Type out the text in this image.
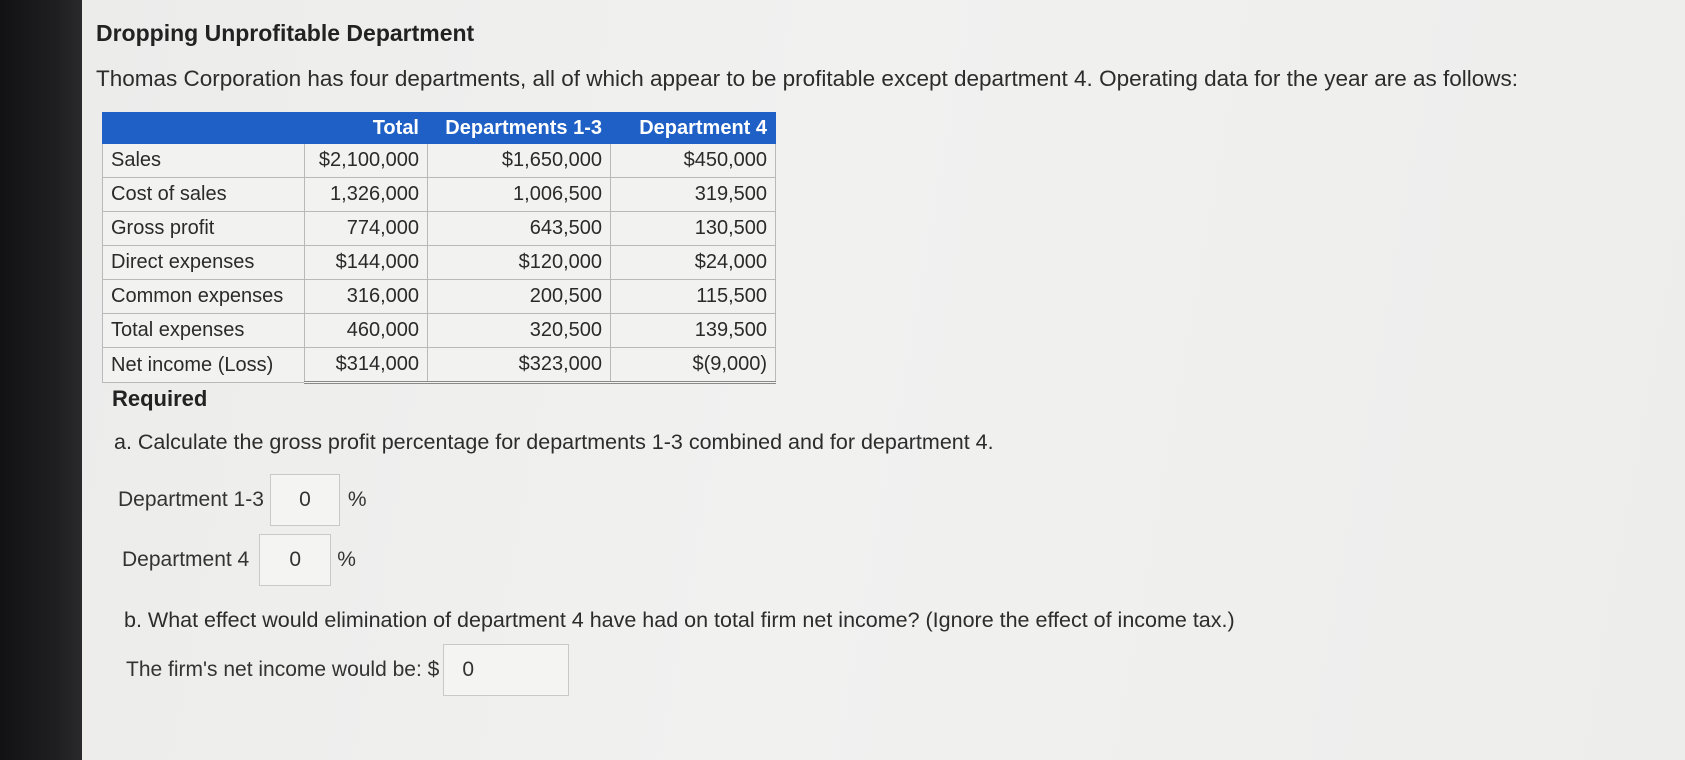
Dropping Unprofitable Department
Thomas Corporation has four departments, all of which appear to be profitable except department 4. Operating data for the year are as follows:
	Total	Departments 1-3	Department 4
Sales	$2,100,000	$1,650,000	$450,000
Cost of sales	1,326,000	1,006,500	319,500
Gross profit	774,000	643,500	130,500
Direct expenses	$144,000	$120,000	$24,000
Common expenses	316,000	200,500	115,500
Total expenses	460,000	320,500	139,500
Net income (Loss)	$314,000	$323,000	$(9,000)
Required
a. Calculate the gross profit percentage for departments 1-3 combined and for department 4.
Department 1-3	0	%
Department 4	0	%
b. What effect would elimination of department 4 have had on total firm net income? (Ignore the effect of income tax.)
The firm's net income would be: $	0
